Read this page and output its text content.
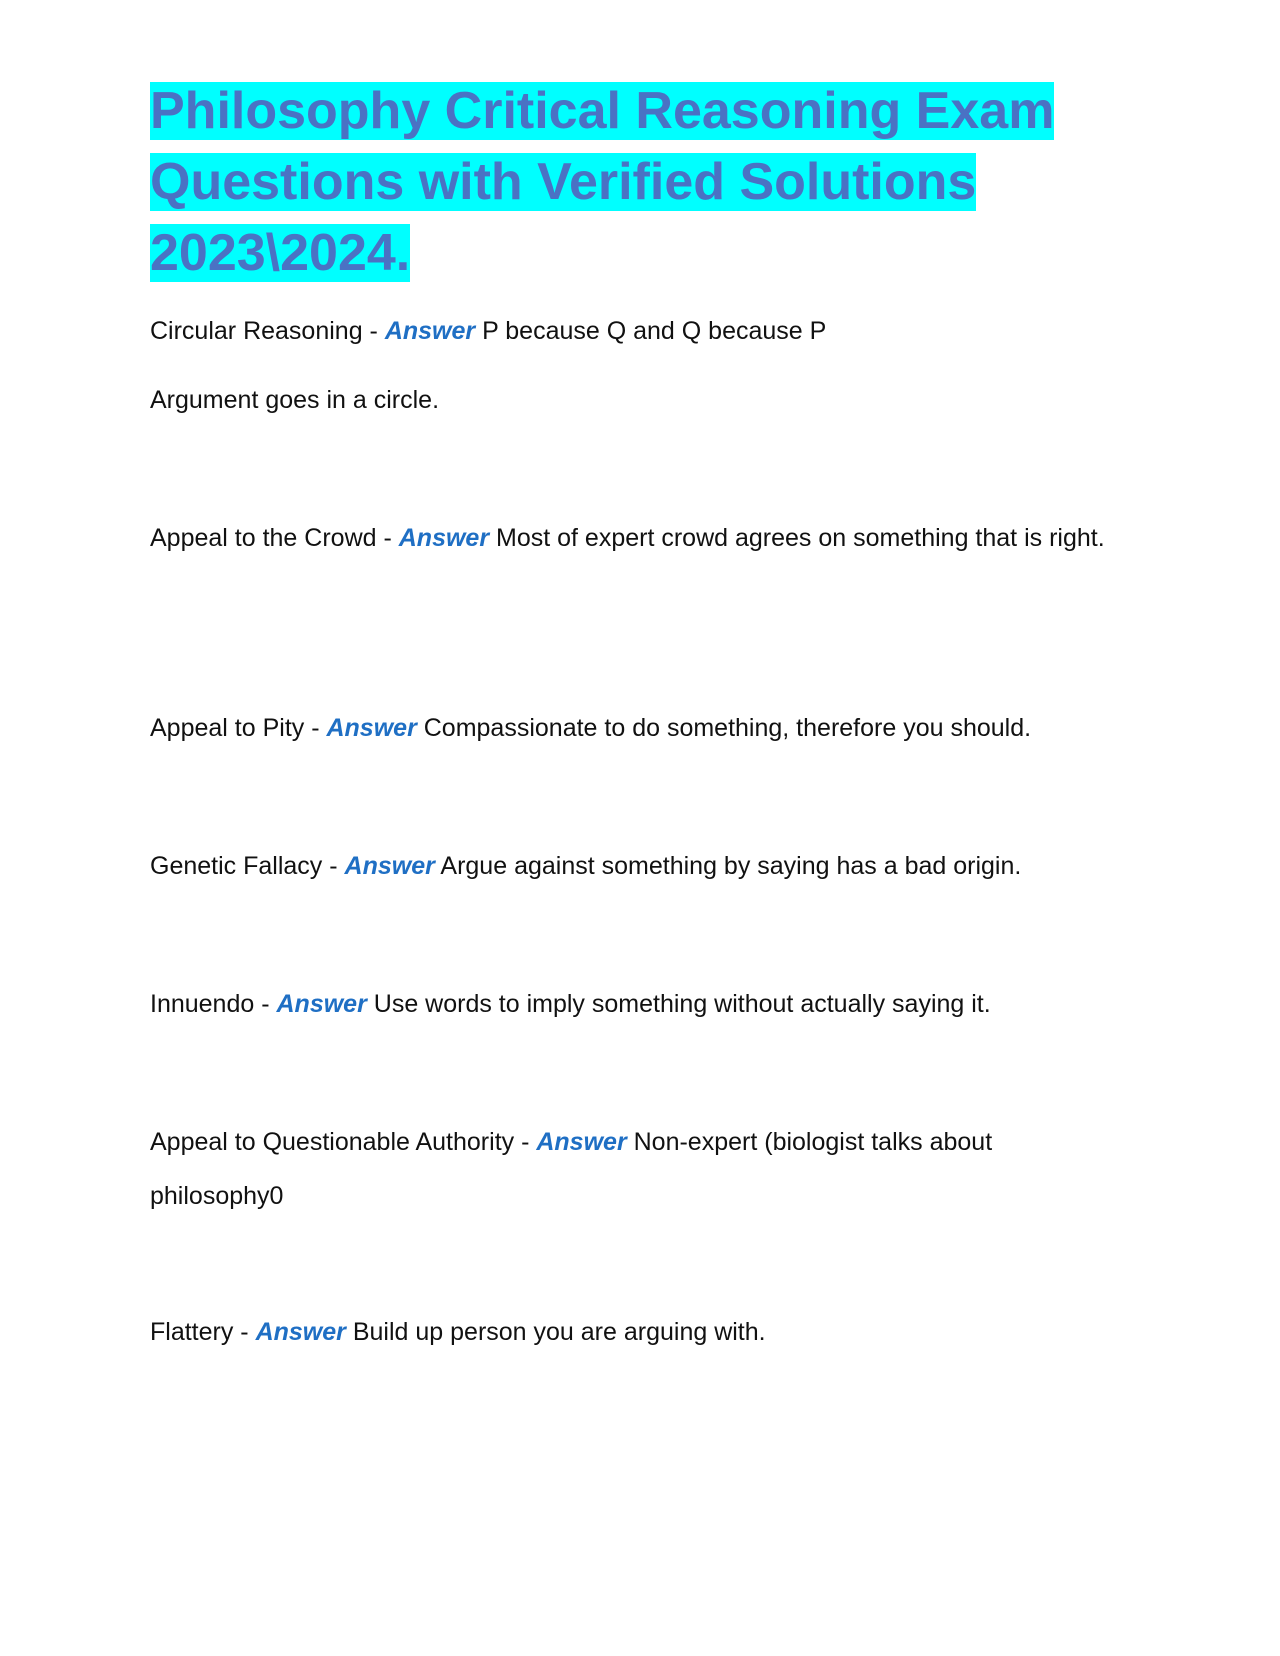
Philosophy Critical Reasoning Exam Questions with Verified Solutions 2023\2024.

Circular Reasoning - Answer P because Q and Q because P

Argument goes in a circle.

Appeal to the Crowd - Answer Most of expert crowd agrees on something that is right.

Appeal to Pity - Answer Compassionate to do something, therefore you should.

Genetic Fallacy - Answer Argue against something by saying has a bad origin.

Innuendo - Answer Use words to imply something without actually saying it.

Appeal to Questionable Authority - Answer Non-expert (biologist talks about philosophy0

Flattery - Answer Build up person you are arguing with.
